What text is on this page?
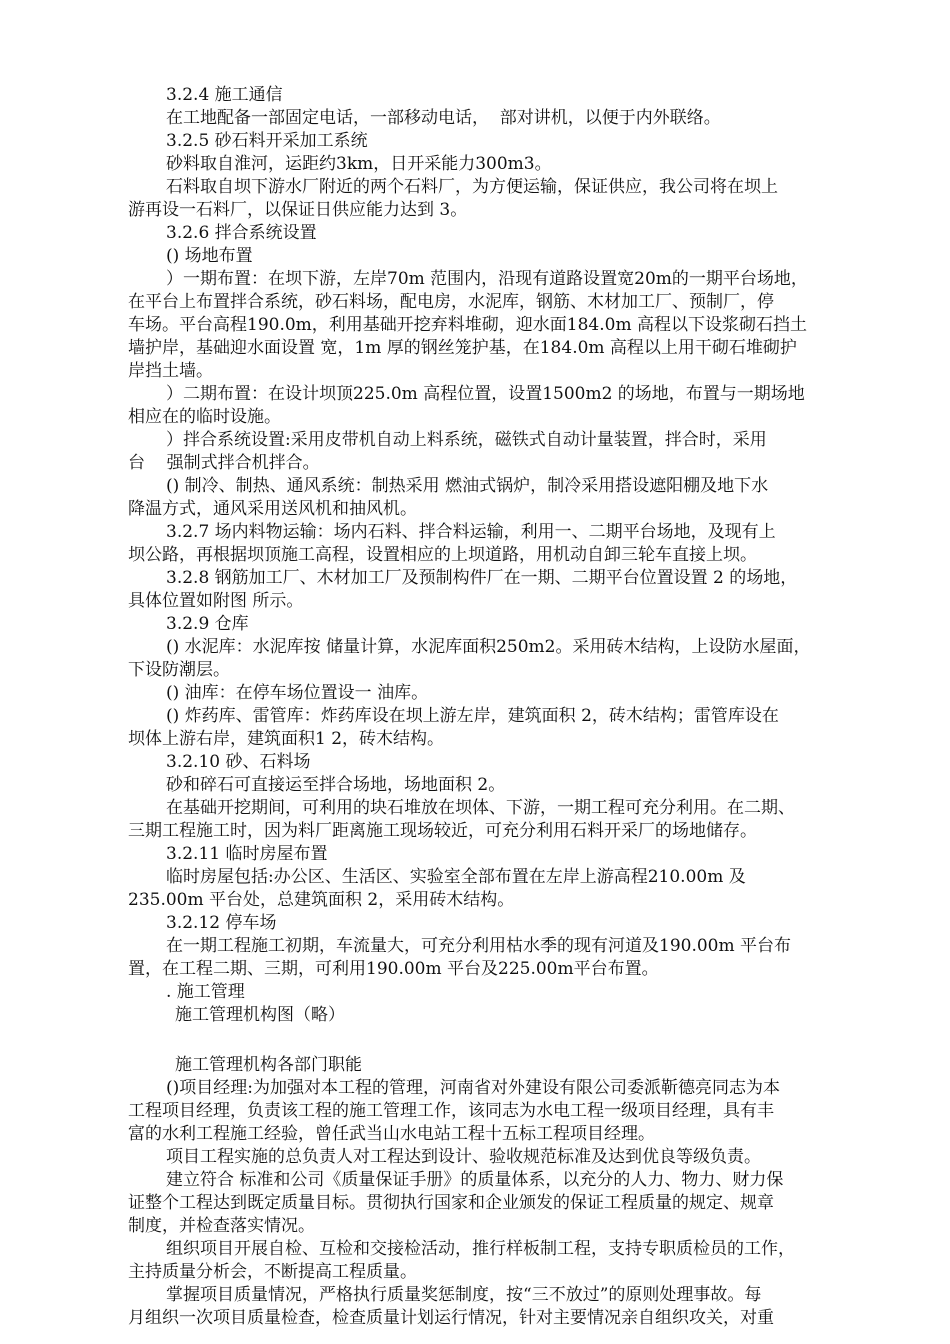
3.2.4 施工通信

在工地配备一部固定电话，一部移动电话，  部对讲机，以便于内外联络。

3.2.5 砂石料开采加工系统

砂料取自淮河，运距约3km，日开采能力300m3。

石料取自坝下游水厂附近的两个石料厂，为方便运输，保证供应，我公司将在坝上

游再设一石料厂，以保证日供应能力达到 3。

3.2.6 拌合系统设置

() 场地布置

）一期布置：在坝下游，左岸70m 范围内，沿现有道路设置宽20m的一期平台场地，

在平台上布置拌合系统，砂石料场，配电房，水泥库，钢筋、木材加工厂、预制厂，停

车场。平台高程190.0m，利用基础开挖弃料堆砌，迎水面184.0m 高程以下设浆砌石挡土

墙护岸，基础迎水面设置 宽，1m 厚的钢丝笼护基，在184.0m 高程以上用干砌石堆砌护

岸挡土墙。

）二期布置：在设计坝顶225.0m 高程位置，设置1500m2 的场地，布置与一期场地

相应在的临时设施。

）拌合系统设置:采用皮带机自动上料系统，磁铁式自动计量装置，拌合时，采用

台    强制式拌合机拌合。

() 制冷、制热、通风系统：制热采用 燃油式锅炉，制冷采用搭设遮阳棚及地下水

降温方式，通风采用送风机和抽风机。

3.2.7 场内料物运输：场内石料、拌合料运输，利用一、二期平台场地，及现有上

坝公路，再根据坝顶施工高程，设置相应的上坝道路，用机动自卸三轮车直接上坝。

3.2.8 钢筋加工厂、木材加工厂及预制构件厂在一期、二期平台位置设置 2 的场地，

具体位置如附图 所示。

3.2.9 仓库

() 水泥库：水泥库按 储量计算，水泥库面积250m2。采用砖木结构，上设防水屋面，

下设防潮层。

() 油库：在停车场位置设一 油库。

() 炸药库、雷管库：炸药库设在坝上游左岸，建筑面积 2，砖木结构；雷管库设在

坝体上游右岸，建筑面积1 2，砖木结构。

3.2.10 砂、石料场

砂和碎石可直接运至拌合场地，场地面积 2。

在基础开挖期间，可利用的块石堆放在坝体、下游，一期工程可充分利用。在二期、

三期工程施工时，因为料厂距离施工现场较近，可充分利用石料开采厂的场地储存。

3.2.11 临时房屋布置

临时房屋包括:办公区、生活区、实验室全部布置在左岸上游高程210.00m 及

235.00m 平台处，总建筑面积 2，采用砖木结构。

3.2.12 停车场

在一期工程施工初期，车流量大，可充分利用枯水季的现有河道及190.00m 平台布

置，在工程二期、三期，可利用190.00m 平台及225.00m平台布置。

. 施工管理

施工管理机构图（略）

施工管理机构各部门职能

()项目经理:为加强对本工程的管理，河南省对外建设有限公司委派靳德亮同志为本

工程项目经理，负责该工程的施工管理工作，该同志为水电工程一级项目经理，具有丰

富的水利工程施工经验，曾任武当山水电站工程十五标工程项目经理。

项目工程实施的总负责人对工程达到设计、验收规范标准及达到优良等级负责。

建立符合 标准和公司《质量保证手册》的质量体系，以充分的人力、物力、财力保

证整个工程达到既定质量目标。贯彻执行国家和企业颁发的保证工程质量的规定、规章

制度，并检查落实情况。

组织项目开展自检、互检和交接检活动，推行样板制工程，支持专职质检员的工作，

主持质量分析会，不断提高工程质量。

掌握项目质量情况，严格执行质量奖惩制度，按“三不放过”的原则处理事故。每

月组织一次项目质量检查，检查质量计划运行情况，针对主要情况亲自组织攻关，对重
